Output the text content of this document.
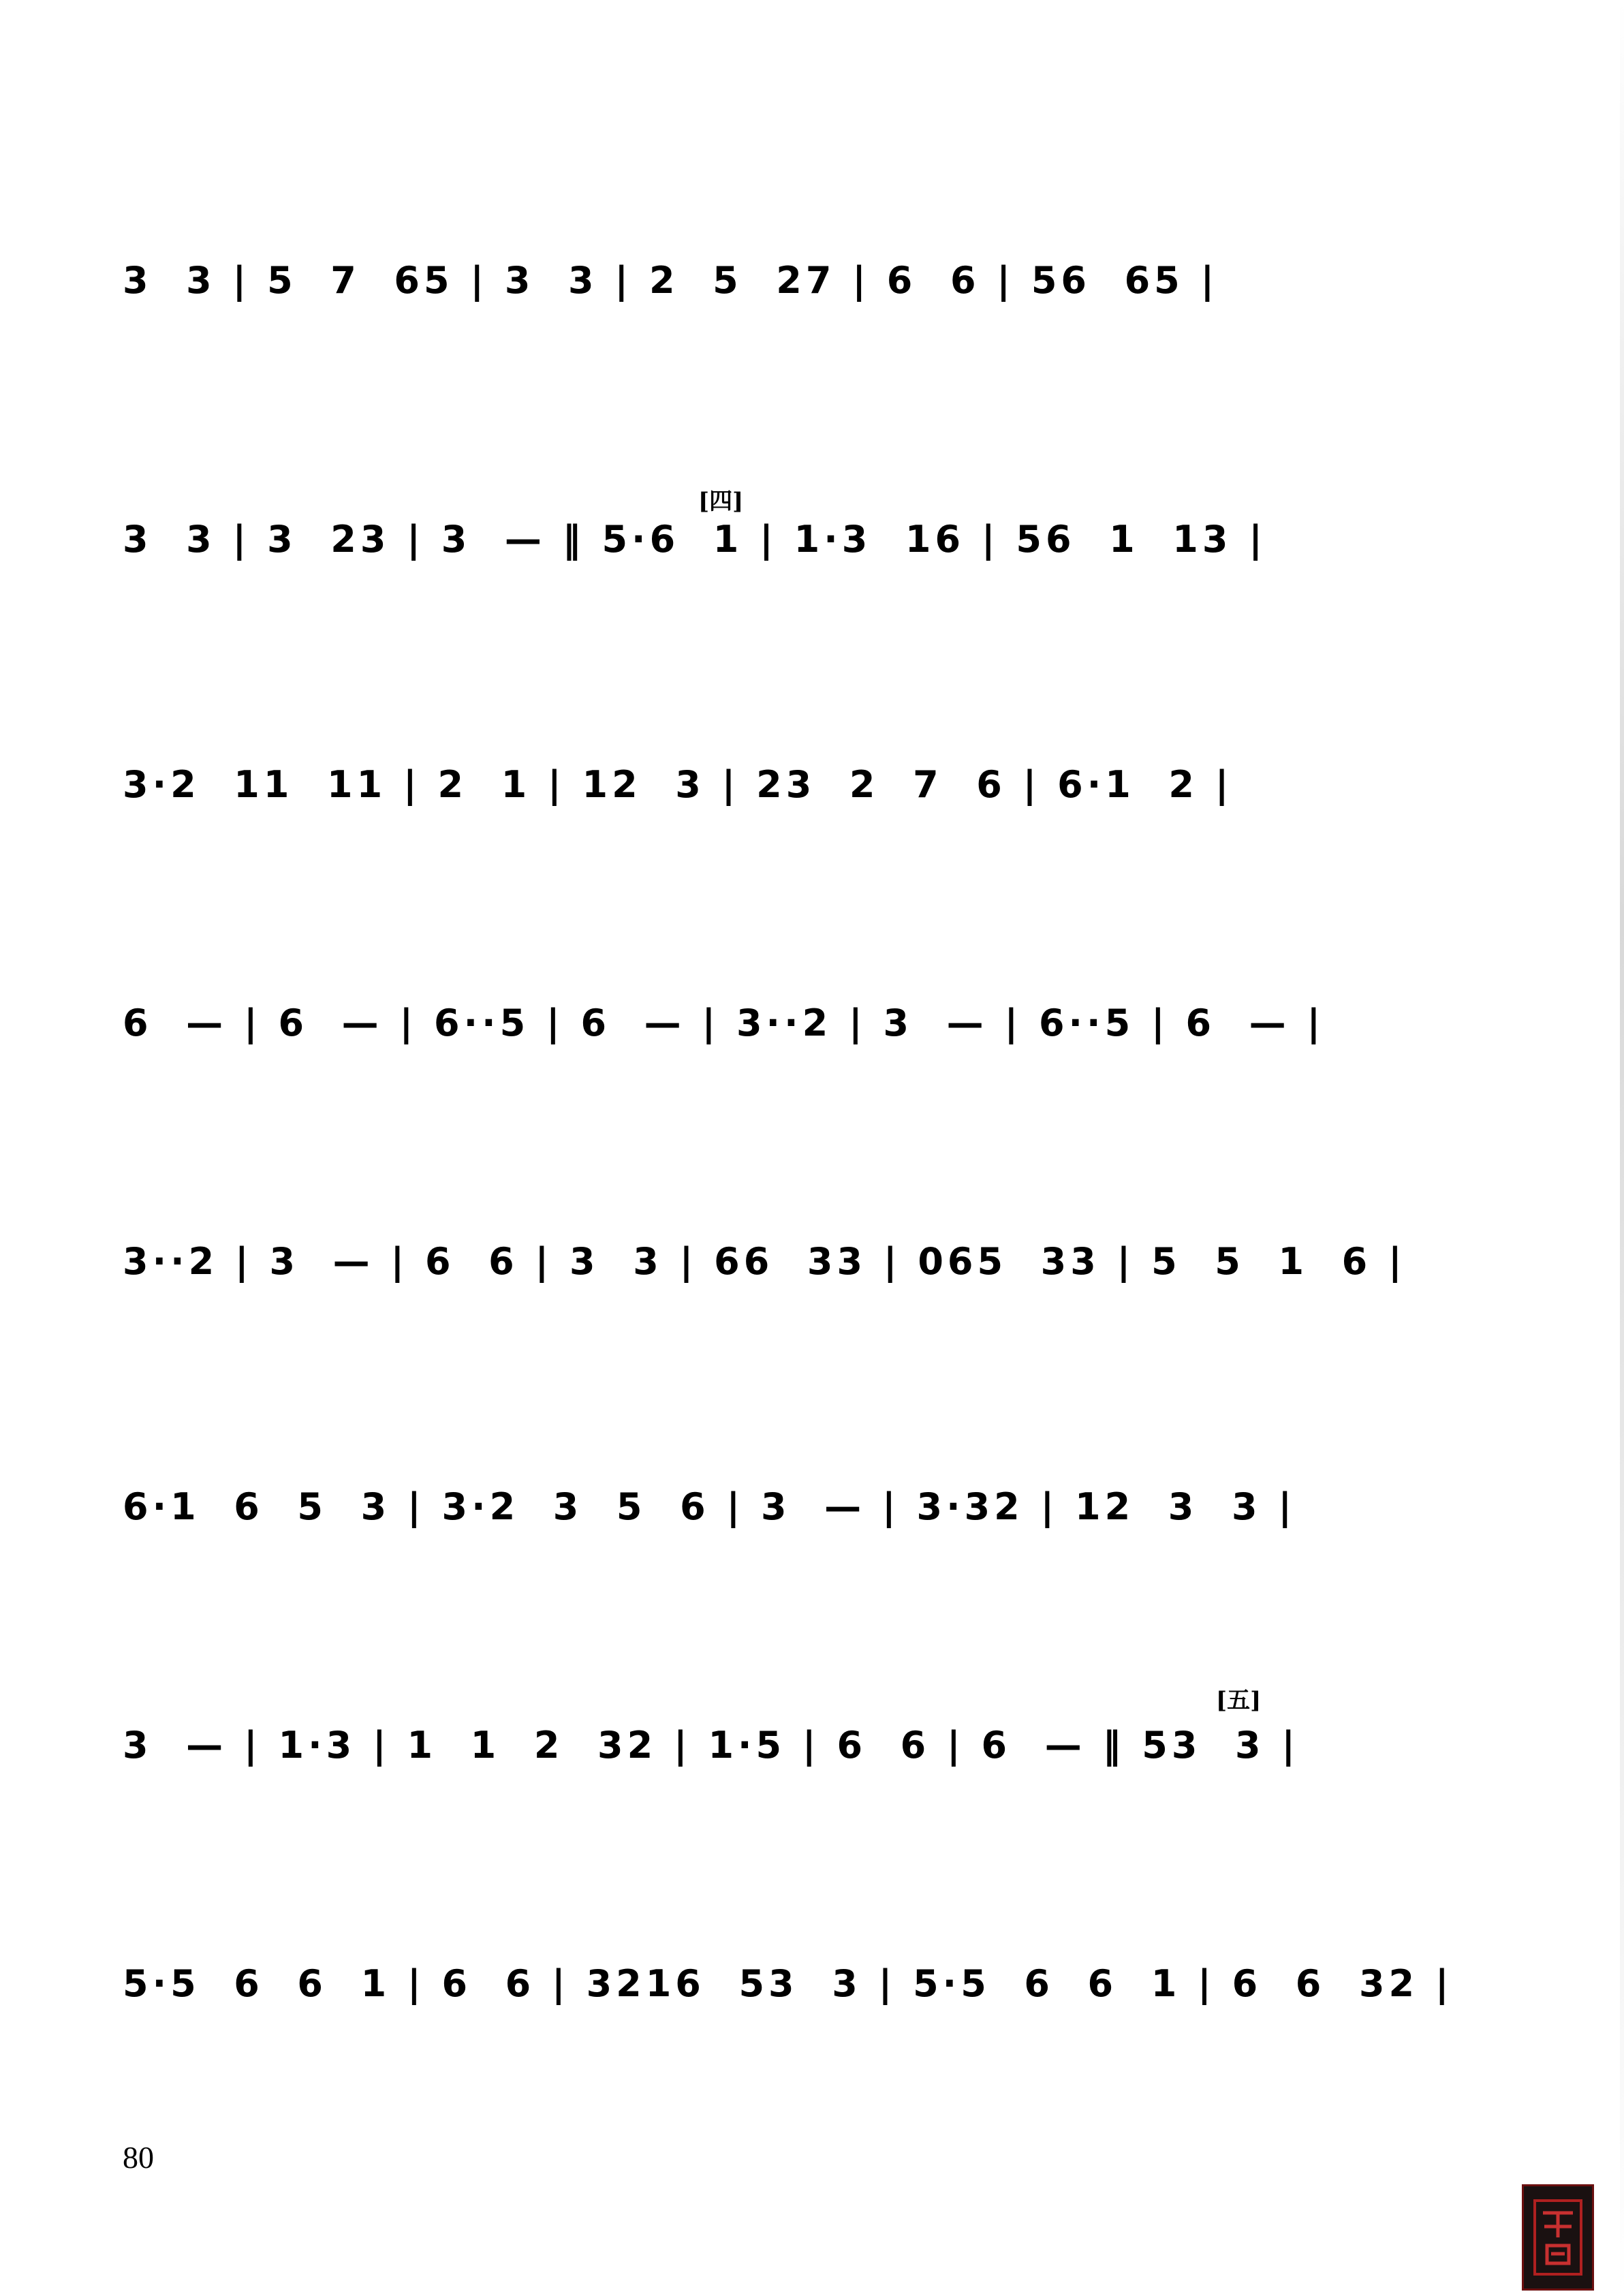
3  3 | 5  7  65 | 3  3 | 2  5  27 | 6  6 | 56  65 |
[四]
3  3 | 3  23 | 3  — ‖ 5·6  1 | 1·3  16 | 56  1  13 |
3·2  11  11 | 2  1 | 12  3 | 23  2  7  6 | 6·1  2 |
6  — | 6  — | 6··5 | 6  — | 3··2 | 3  — | 6··5 | 6  — |
3··2 | 3  — | 6  6 | 3  3 | 66  33 | 065  33 | 5  5  1  6 |
6·1  6  5  3 | 3·2  3  5  6 | 3  — | 3·32 | 12  3  3 |
[五]
3  — | 1·3 | 1  1  2  32 | 1·5 | 6  6 | 6  — ‖ 53  3 |
5·5  6  6  1 | 6  6 | 3216  53  3 | 5·5  6  6  1 | 6  6  32 |
80
